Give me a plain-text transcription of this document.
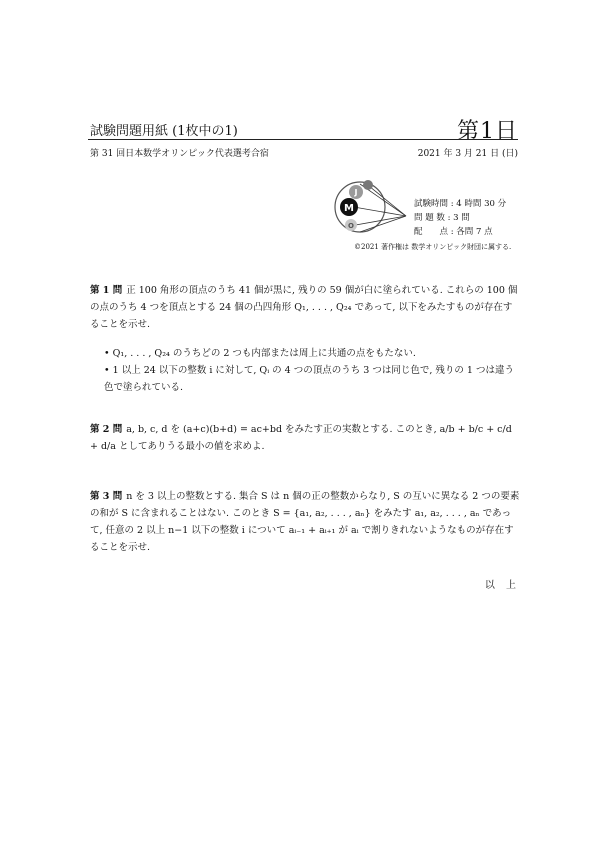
試験問題用紙 (1枚中の1)	第1日
第 31 回日本数学オリンピック代表選考合宿	2021 年 3 月 21 日 (日)
J
M
O
試験時間 : 4 時間 30 分
問 題 数 : 3 問
配　　点 : 各問 7 点
©2021 著作権は 数学オリンピック財団に属する.
第 1 問 正 100 角形の頂点のうち 41 個が黒に, 残りの 59 個が白に塗られている. これらの 100 個の点のうち 4 つを頂点とする 24 個の凸四角形 Q₁, . . . , Q₂₄ であって, 以下をみたすものが存在することを示せ.
• Q₁, . . . , Q₂₄ のうちどの 2 つも内部または周上に共通の点をもたない.
• 1 以上 24 以下の整数 i に対して, Qᵢ の 4 つの頂点のうち 3 つは同じ色で, 残りの 1 つは違う色で塗られている.
第 2 問 a, b, c, d を (a+c)(b+d) = ac+bd をみたす正の実数とする. このとき, a/b + b/c + c/d + d/a としてありうる最小の値を求めよ.
第 3 問 n を 3 以上の整数とする. 集合 S は n 個の正の整数からなり, S の互いに異なる 2 つの要素の和が S に含まれることはない. このとき S = {a₁, a₂, . . . , aₙ} をみたす a₁, a₂, . . . , aₙ であって, 任意の 2 以上 n−1 以下の整数 i について aᵢ₋₁ + aᵢ₊₁ が aᵢ で割りきれないようなものが存在することを示せ.
以 上
